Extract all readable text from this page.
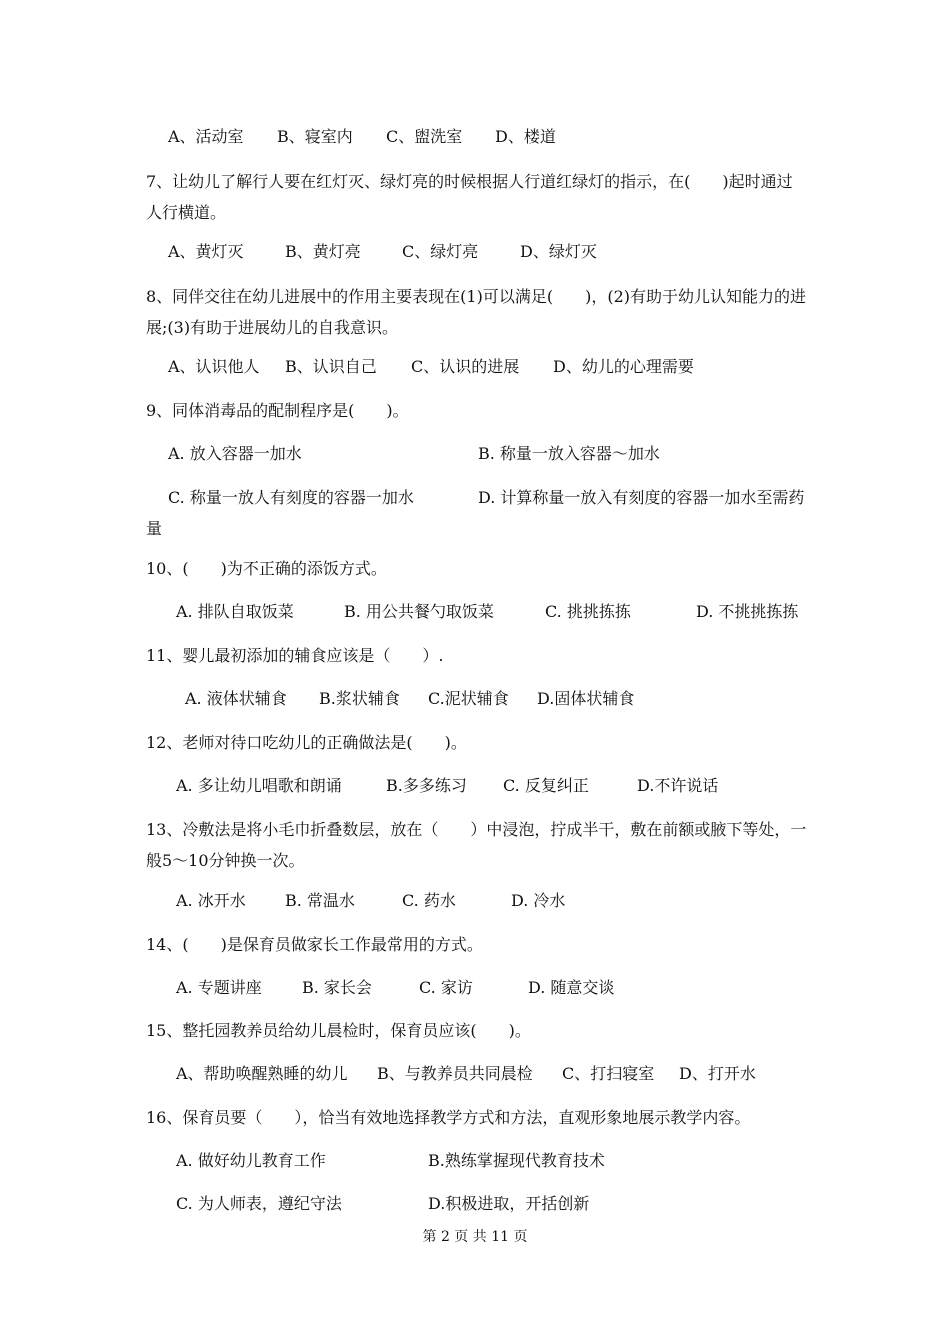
A、活动室 B、寝室内 C、盥洗室 D、楼道
7、让幼儿了解行人要在红灯灭、绿灯亮的时候根据人行道红绿灯的指示，在(　　)起时通过人行横道。
A、黄灯灭	B、黄灯亮	C、绿灯亮	D、绿灯灭
8、同伴交往在幼儿进展中的作用主要表现在(1)可以满足(　　)，(2)有助于幼儿认知能力的进展;(3)有助于进展幼儿的自我意识。
A、认识他人 B、认识自己 C、认识的进展 D、幼儿的心理需要
9、同体消毒品的配制程序是(　　)。
A. 放入容器一加水	B. 称量一放入容器～加水
C. 称量一放人有刻度的容器一加水	D. 计算称量一放入有刻度的容器一加水至需药量
10、(　　)为不正确的添饭方式。
A. 排队自取饭菜	B. 用公共餐勺取饭菜	C. 挑挑拣拣	D. 不挑挑拣拣
11、婴儿最初添加的辅食应该是（　　）.
A. 液体状辅食 B.浆状辅食 C.泥状辅食 D.固体状辅食
12、老师对待口吃幼儿的正确做法是(　　)。
A. 多让幼儿唱歌和朗诵	B.多多练习 C. 反复纠正	D.不许说话
13、冷敷法是将小毛巾折叠数层，放在（　　）中浸泡，拧成半干，敷在前额或腋下等处，一般5～10分钟换一次。
A. 冰开水 B. 常温水	C. 药水	D. 冷水
14、(　　)是保育员做家长工作最常用的方式。
A. 专题讲座	B. 家长会	C. 家访	D. 随意交谈
15、整托园教养员给幼儿晨检时，保育员应该(　　)。
A、帮助唤醒熟睡的幼儿 B、与教养员共同晨检 C、打扫寝室 D、打开水
16、保育员要（　　），恰当有效地选择教学方式和方法，直观形象地展示教学内容。
A. 做好幼儿教育工作	B.熟练掌握现代教育技术
C. 为人师表，遵纪守法	D.积极进取，开括创新
第 2 页 共 11 页
